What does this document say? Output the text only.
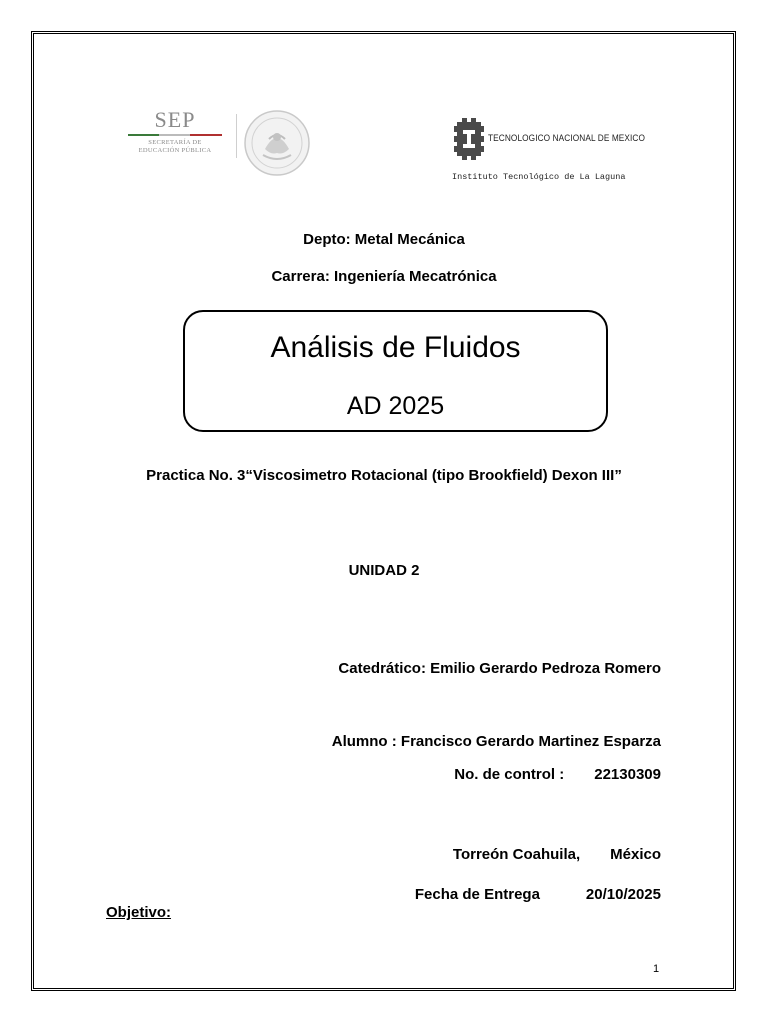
SEP
SECRETARÍA DE
EDUCACIÓN PÚBLICA
TECNOLOGICO NACIONAL DE MEXICO
Instituto Tecnológico de La Laguna
Depto: Metal Mecánica
Carrera: Ingeniería Mecatrónica
Análisis de Fluidos
AD 2025
Practica No. 3“Viscosimetro Rotacional (tipo Brookfield) Dexon III”
UNIDAD 2
Catedrático: Emilio Gerardo Pedroza Romero
Alumno : Francisco Gerardo Martinez Esparza
No. de control : 22130309
Torreón Coahuila, México
Fecha de Entrega	20/10/2025
Objetivo:
1
